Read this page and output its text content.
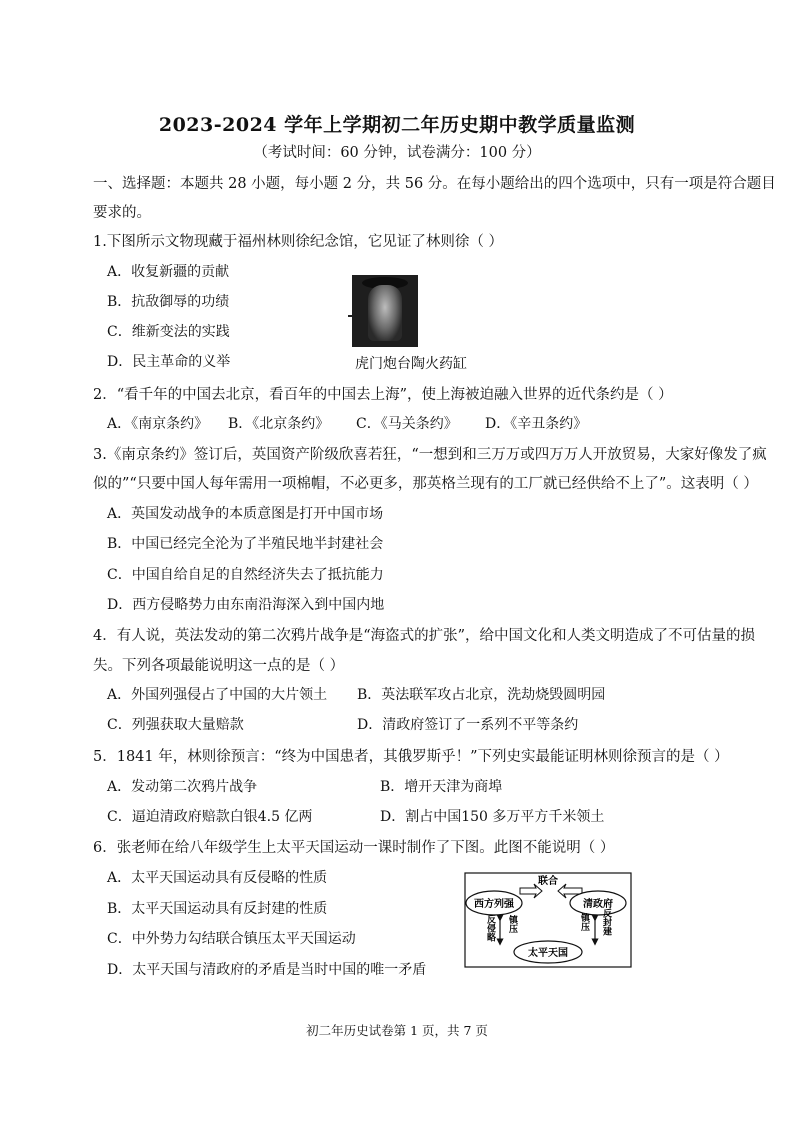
2023-2024 学年上学期初二年历史期中教学质量监测
（考试时间：60 分钟，试卷满分：100 分）
一、选择题：本题共 28 小题，每小题 2 分，共 56 分。在每小题给出的四个选项中，只有一项是符合题目
要求的。
1.下图所示文物现藏于福州林则徐纪念馆，它见证了林则徐（ ）
A．收复新疆的贡献
B．抗敌御辱的功绩
C．维新变法的实践
D．民主革命的义举	虎门炮台陶火药缸
2．“看千年的中国去北京，看百年的中国去上海”，使上海被迫融入世界的近代条约是（ ）
A．《南京条约》 B．《北京条约》 C．《马关条约》 D．《辛丑条约》
3.《南京条约》签订后，英国资产阶级欣喜若狂，“一想到和三万万或四万万人开放贸易，大家好像发了疯
似的”“只要中国人每年需用一项棉帽，不必更多，那英格兰现有的工厂就已经供给不上了”。这表明（ ）
A．英国发动战争的本质意图是打开中国市场
B．中国已经完全沦为了半殖民地半封建社会
C．中国自给自足的自然经济失去了抵抗能力
D．西方侵略势力由东南沿海深入到中国内地
4．有人说，英法发动的第二次鸦片战争是“海盗式的扩张”，给中国文化和人类文明造成了不可估量的损
失。下列各项最能说明这一点的是（ ）
A．外国列强侵占了中国的大片领土 B．英法联军攻占北京，洗劫烧毁圆明园
C．列强获取大量赔款	D．清政府签订了一系列不平等条约
5．1841 年，林则徐预言：“终为中国患者，其俄罗斯乎！”下列史实最能证明林则徐预言的是（ ）
A．发动第二次鸦片战争	B．增开天津为商埠
C．逼迫清政府赔款白银4.5 亿两	D．割占中国150 多万平方千米领土
6．张老师在给八年级学生上太平天国运动一课时制作了下图。此图不能说明（ ）
A．太平天国运动具有反侵略的性质
B．太平天国运动具有反封建的性质
C．中外势力勾结联合镇压太平天国运动
D．太平天国与清政府的矛盾是当时中国的唯一矛盾
联合
西方列强	清政府
太平天国
反侵略 镇压	镇压 反封建
初二年历史试卷第 1 页，共 7 页
